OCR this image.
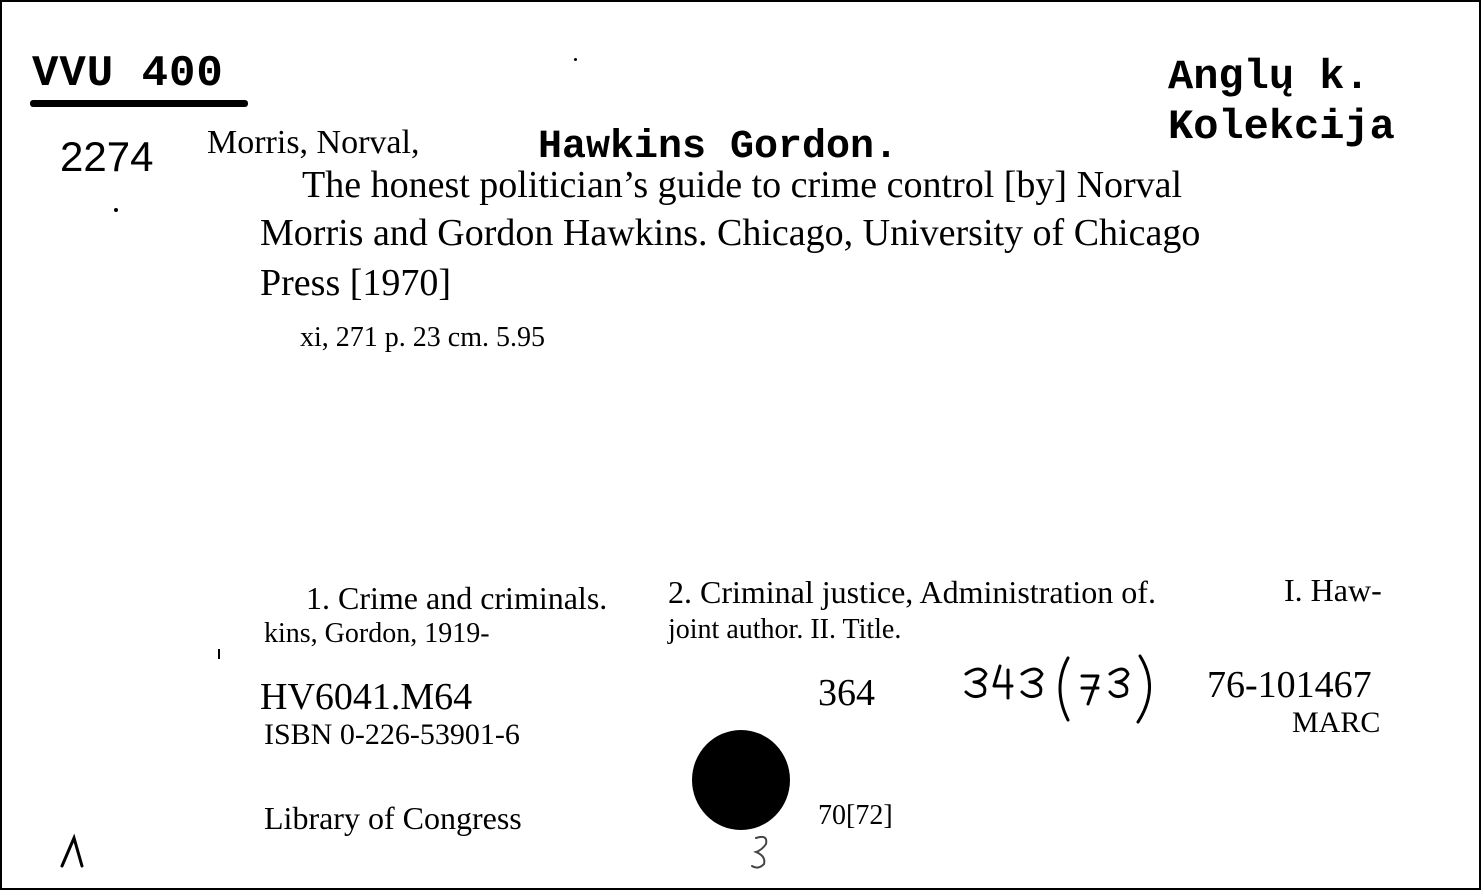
VVU 400
2274
Anglų k.
Kolekcija
Morris, Norval,	Hawkins Gordon.
The honest politician’s guide to crime control [by] Norval
Morris and Gordon Hawkins. Chicago, University of Chicago
Press [1970]
xi, 271 p. 23 cm. 5.95
1. Crime and criminals. 2. Criminal justice, Administration of.	I. Haw-
kins, Gordon, 1919-	joint author. II. Title.
HV6041.M64
ISBN 0-226-53901-6
364	76-101467
MARC
Library of Congress	70[72]
